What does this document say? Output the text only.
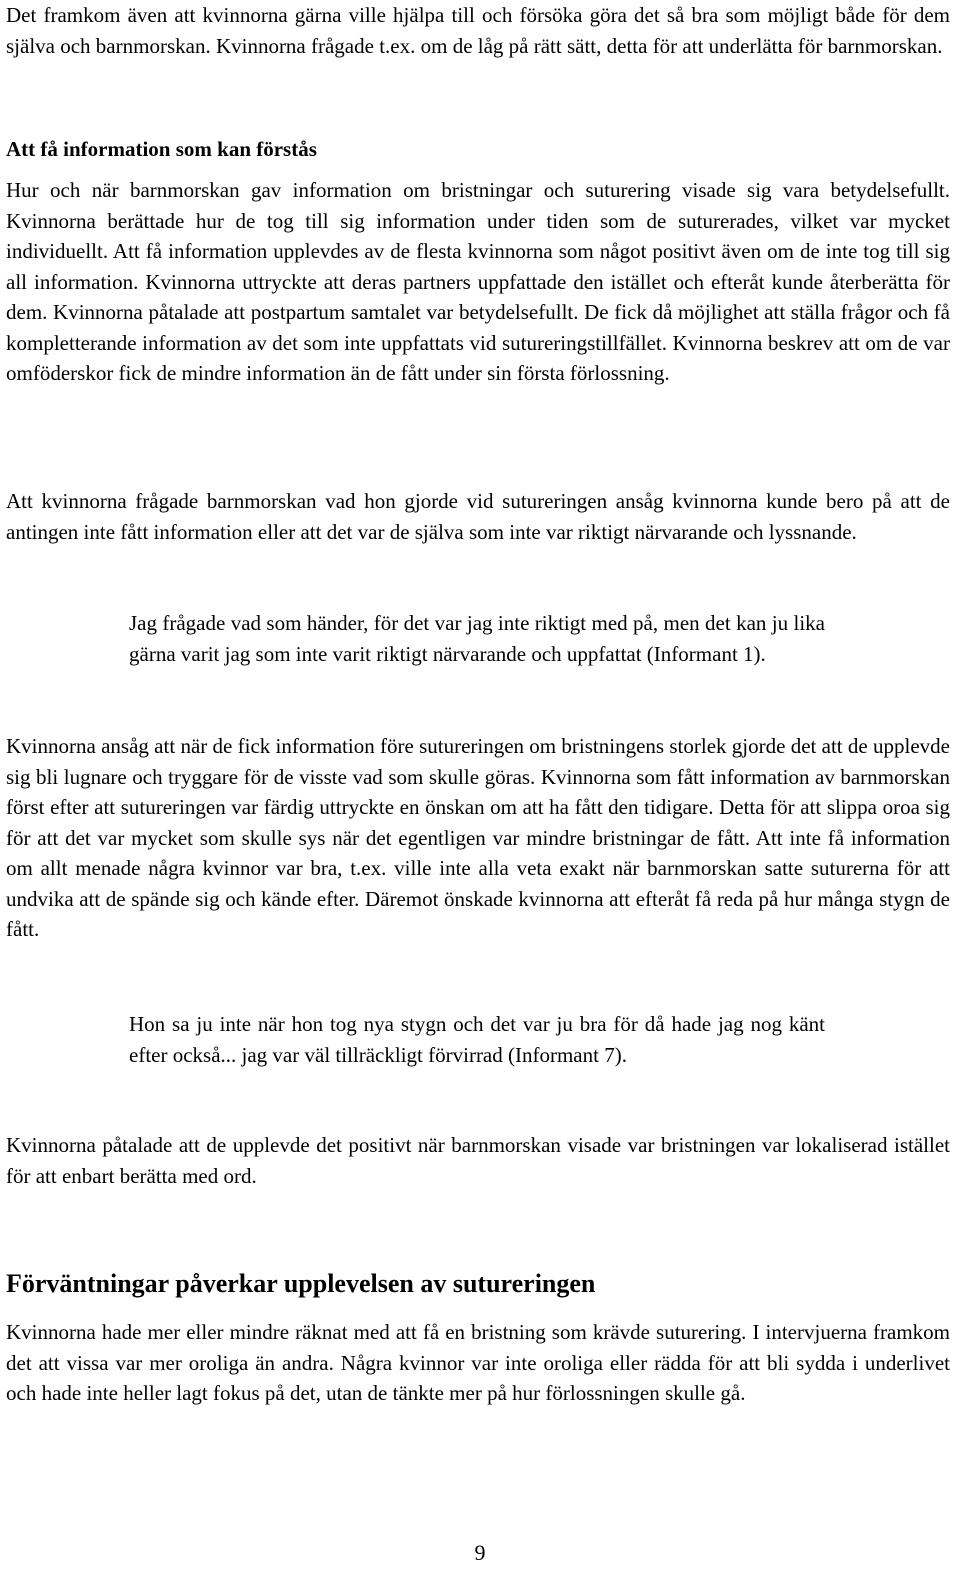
Det framkom även att kvinnorna gärna ville hjälpa till och försöka göra det så bra som möjligt både för dem själva och barnmorskan. Kvinnorna frågade t.ex. om de låg på rätt sätt, detta för att underlätta för barnmorskan.

Att få information som kan förstås

Hur och när barnmorskan gav information om bristningar och suturering visade sig vara betydelsefullt. Kvinnorna berättade hur de tog till sig information under tiden som de suturerades, vilket var mycket individuellt. Att få information upplevdes av de flesta kvinnorna som något positivt även om de inte tog till sig all information. Kvinnorna uttryckte att deras partners uppfattade den istället och efteråt kunde återberätta för dem. Kvinnorna påtalade att postpartum samtalet var betydelsefullt. De fick då möjlighet att ställa frågor och få kompletterande information av det som inte uppfattats vid sutureringstillfället. Kvinnorna beskrev att om de var omföderskor fick de mindre information än de fått under sin första förlossning.

Att kvinnorna frågade barnmorskan vad hon gjorde vid sutureringen ansåg kvinnorna kunde bero på att de antingen inte fått information eller att det var de själva som inte var riktigt närvarande och lyssnande.

Jag frågade vad som händer, för det var jag inte riktigt med på, men det kan ju lika gärna varit jag som inte varit riktigt närvarande och uppfattat (Informant 1).

Kvinnorna ansåg att när de fick information före sutureringen om bristningens storlek gjorde det att de upplevde sig bli lugnare och tryggare för de visste vad som skulle göras. Kvinnorna som fått information av barnmorskan först efter att sutureringen var färdig uttryckte en önskan om att ha fått den tidigare. Detta för att slippa oroa sig för att det var mycket som skulle sys när det egentligen var mindre bristningar de fått. Att inte få information om allt menade några kvinnor var bra, t.ex. ville inte alla veta exakt när barnmorskan satte suturerna för att undvika att de spände sig och kände efter. Däremot önskade kvinnorna att efteråt få reda på hur många stygn de fått.

Hon sa ju inte när hon tog nya stygn och det var ju bra för då hade jag nog känt efter också... jag var väl tillräckligt förvirrad (Informant 7).

Kvinnorna påtalade att de upplevde det positivt när barnmorskan visade var bristningen var lokaliserad istället för att enbart berätta med ord.

Förväntningar påverkar upplevelsen av sutureringen

Kvinnorna hade mer eller mindre räknat med att få en bristning som krävde suturering. I intervjuerna framkom det att vissa var mer oroliga än andra. Några kvinnor var inte oroliga eller rädda för att bli sydda i underlivet och hade inte heller lagt fokus på det, utan de tänkte mer på hur förlossningen skulle gå.

9
